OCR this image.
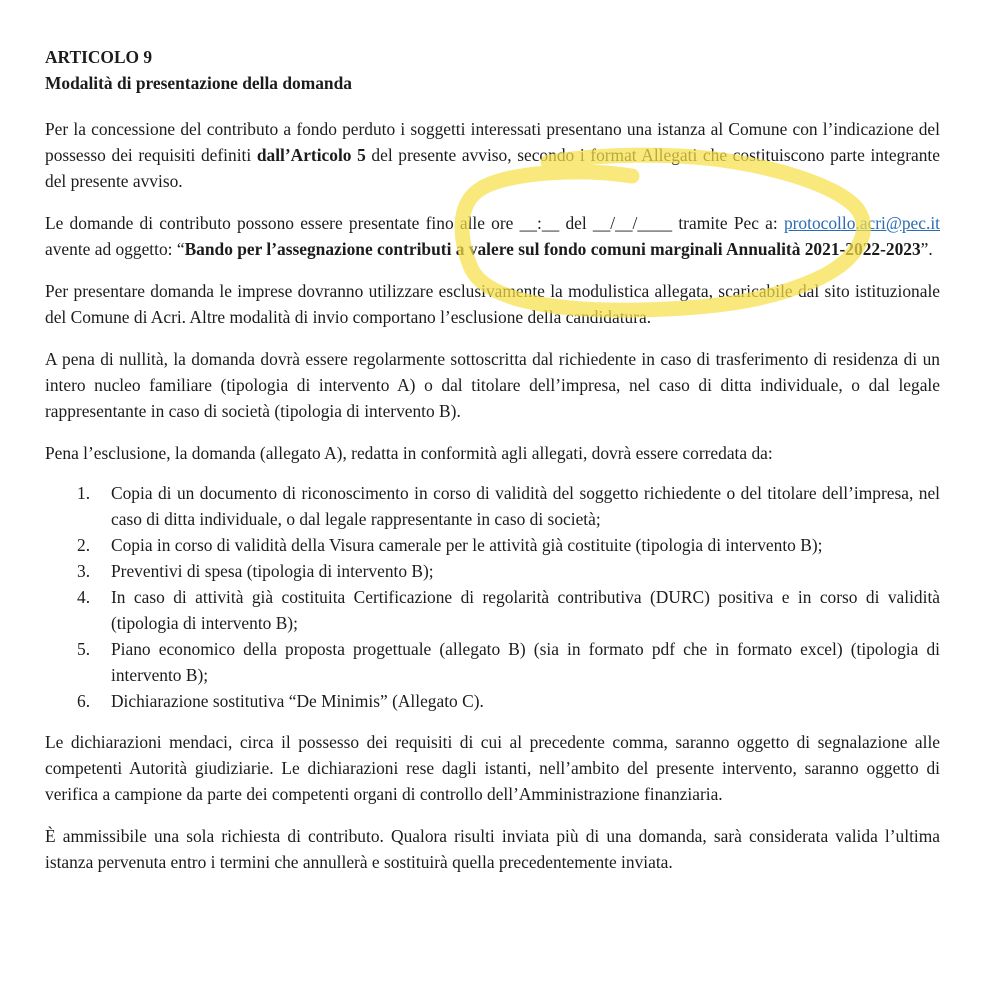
ARTICOLO 9
Modalità di presentazione della domanda

Per la concessione del contributo a fondo perduto i soggetti interessati presentano una istanza al Comune con l’indicazione del possesso dei requisiti definiti dall’Articolo 5 del presente avviso, secondo i format Allegati che costituiscono parte integrante del presente avviso.

Le domande di contributo possono essere presentate fino alle ore __:__ del __/__/____ tramite Pec a: protocollo.acri@pec.it avente ad oggetto: “Bando per l’assegnazione contributi a valere sul fondo comuni marginali Annualità 2021-2022-2023”.

Per presentare domanda le imprese dovranno utilizzare esclusivamente la modulistica allegata, scaricabile dal sito istituzionale del Comune di Acri. Altre modalità di invio comportano l’esclusione della candidatura.

A pena di nullità, la domanda dovrà essere regolarmente sottoscritta dal richiedente in caso di trasferimento di residenza di un intero nucleo familiare (tipologia di intervento A) o dal titolare dell’impresa, nel caso di ditta individuale, o dal legale rappresentante in caso di società (tipologia di intervento B).

Pena l’esclusione, la domanda (allegato A), redatta in conformità agli allegati, dovrà essere corredata da:

Copia di un documento di riconoscimento in corso di validità del soggetto richiedente o del titolare dell’impresa, nel caso di ditta individuale, o dal legale rappresentante in caso di società;
Copia in corso di validità della Visura camerale per le attività già costituite (tipologia di intervento B);
Preventivi di spesa (tipologia di intervento B);
In caso di attività già costituita Certificazione di regolarità contributiva (DURC) positiva e in corso di validità (tipologia di intervento B);
Piano economico della proposta progettuale (allegato B) (sia in formato pdf che in formato excel) (tipologia di intervento B);
Dichiarazione sostitutiva “De Minimis” (Allegato C).

Le dichiarazioni mendaci, circa il possesso dei requisiti di cui al precedente comma, saranno oggetto di segnalazione alle competenti Autorità giudiziarie. Le dichiarazioni rese dagli istanti, nell’ambito del presente intervento, saranno oggetto di verifica a campione da parte dei competenti organi di controllo dell’Amministrazione finanziaria.

È ammissibile una sola richiesta di contributo. Qualora risulti inviata più di una domanda, sarà considerata valida l’ultima istanza pervenuta entro i termini che annullerà e sostituirà quella precedentemente inviata.
